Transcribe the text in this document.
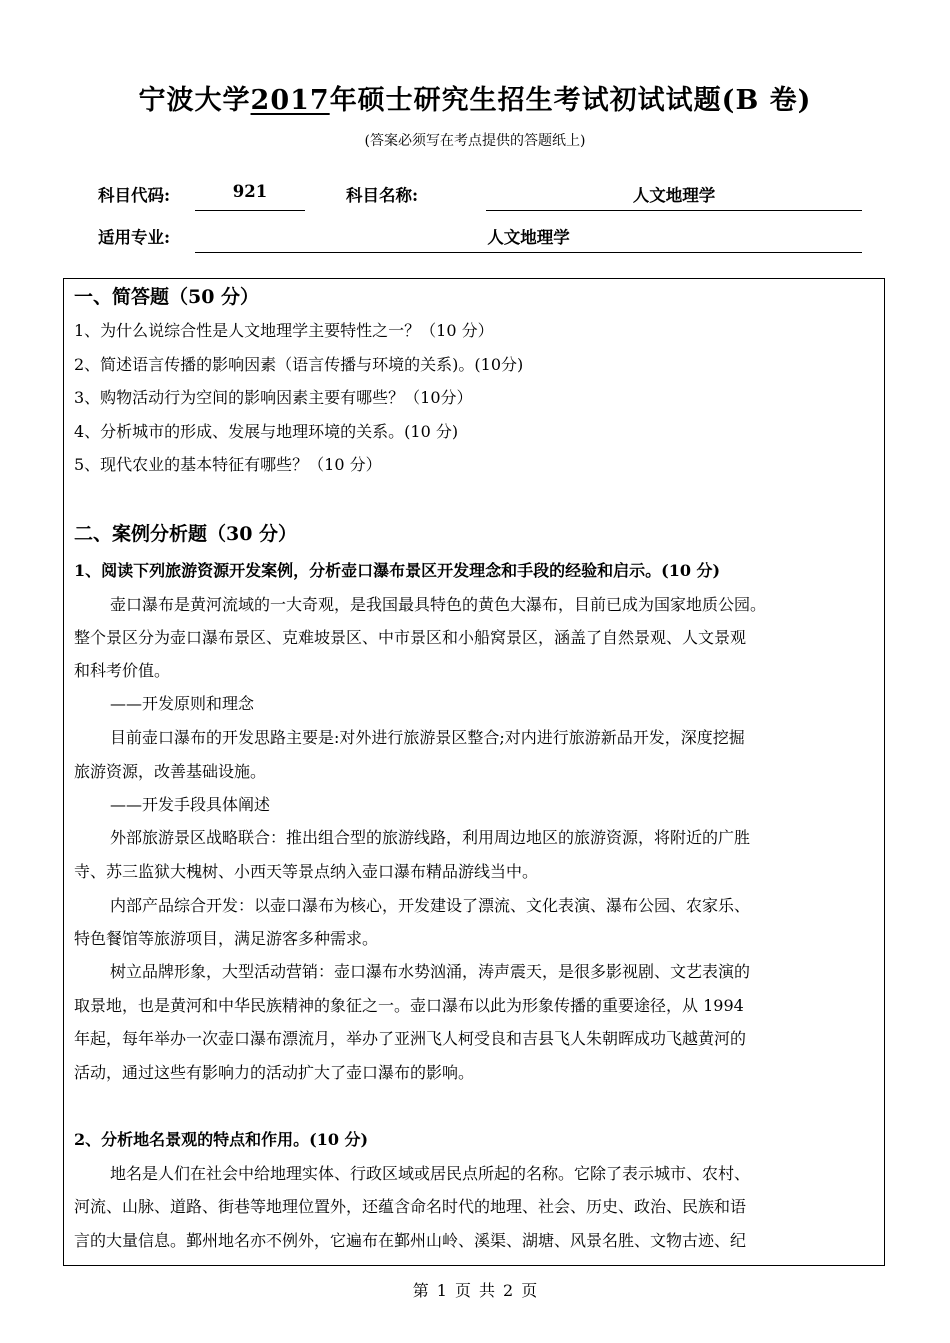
宁波大学2017年硕士研究生招生考试初试试题(B 卷)
(答案必须写在考点提供的答题纸上)
科目代码:	921	科目名称:	人文地理学
适用专业:	人文地理学
一、简答题（50 分）
1、为什么说综合性是人文地理学主要特性之一？（10 分）
2、简述语言传播的影响因素（语言传播与环境的关系)。(10分)
3、购物活动行为空间的影响因素主要有哪些？（10分）
4、分析城市的形成、发展与地理环境的关系。(10 分)
5、现代农业的基本特征有哪些？（10 分）
二、案例分析题（30 分）
1、阅读下列旅游资源开发案例，分析壶口瀑布景区开发理念和手段的经验和启示。(10 分)
壶口瀑布是黄河流域的一大奇观，是我国最具特色的黄色大瀑布，目前已成为国家地质公园。
整个景区分为壶口瀑布景区、克难坡景区、中市景区和小船窝景区，涵盖了自然景观、人文景观
和科考价值。
——开发原则和理念
目前壶口瀑布的开发思路主要是:对外进行旅游景区整合;对内进行旅游新品开发，深度挖掘
旅游资源，改善基础设施。
——开发手段具体阐述
外部旅游景区战略联合：推出组合型的旅游线路，利用周边地区的旅游资源，将附近的广胜
寺、苏三监狱大槐树、小西天等景点纳入壶口瀑布精品游线当中。
内部产品综合开发：以壶口瀑布为核心，开发建设了漂流、文化表演、瀑布公园、农家乐、
特色餐馆等旅游项目，满足游客多种需求。
树立品牌形象，大型活动营销：壶口瀑布水势汹涌，涛声震天，是很多影视剧、文艺表演的
取景地，也是黄河和中华民族精神的象征之一。壶口瀑布以此为形象传播的重要途径，从 1994
年起，每年举办一次壶口瀑布漂流月，举办了亚洲飞人柯受良和吉县飞人朱朝晖成功飞越黄河的
活动，通过这些有影响力的活动扩大了壶口瀑布的影响。
2、分析地名景观的特点和作用。(10 分)
地名是人们在社会中给地理实体、行政区域或居民点所起的名称。它除了表示城市、农村、
河流、山脉、道路、街巷等地理位置外，还蕴含命名时代的地理、社会、历史、政治、民族和语
言的大量信息。鄞州地名亦不例外，它遍布在鄞州山岭、溪渠、湖塘、风景名胜、文物古迹、纪
第 1 页 共 2 页
